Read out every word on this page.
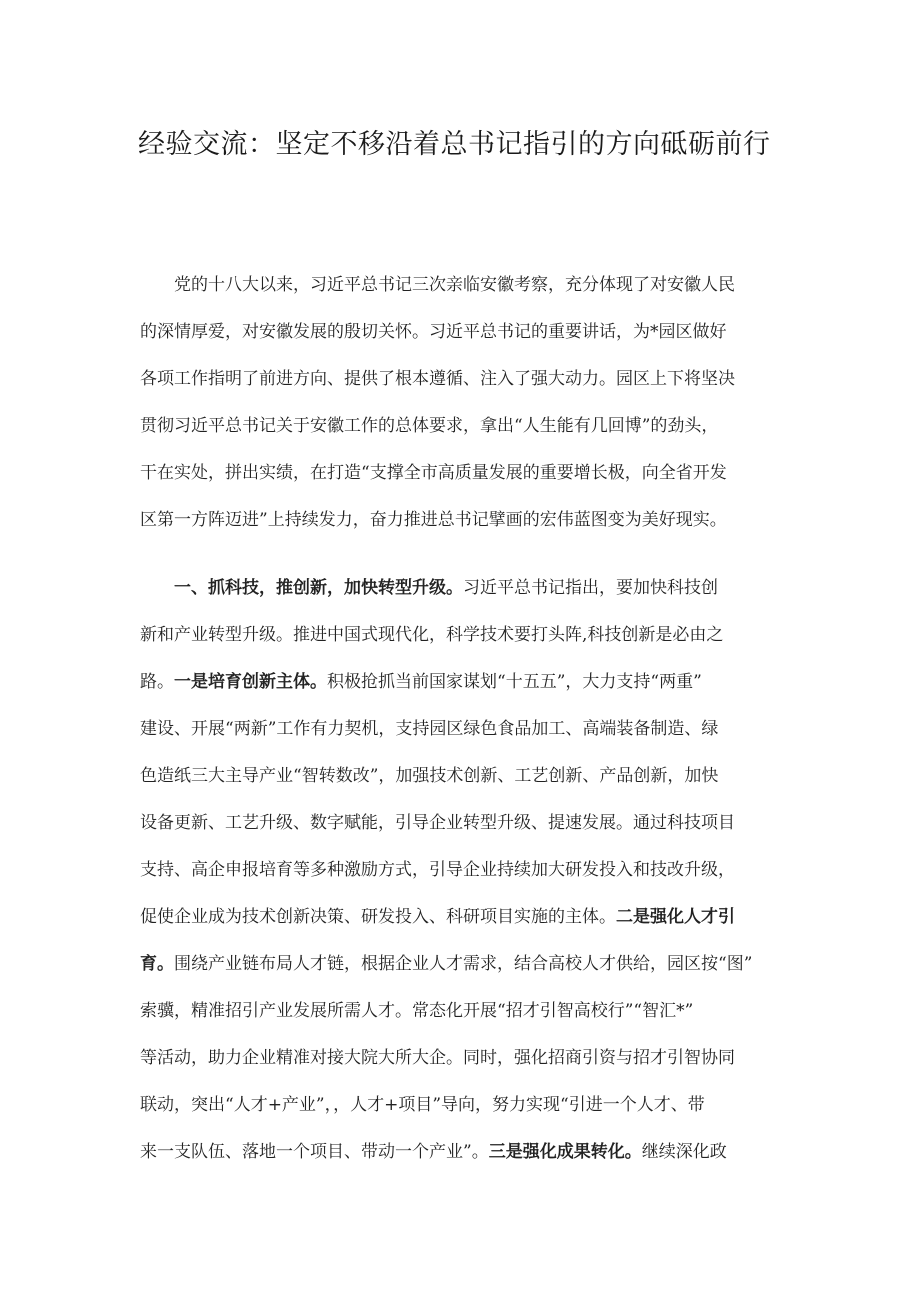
经验交流：坚定不移沿着总书记指引的方向砥砺前行
党的十八大以来，习近平总书记三次亲临安徽考察，充分体现了对安徽人民
的深情厚爱，对安徽发展的殷切关怀。习近平总书记的重要讲话，为*园区做好
各项工作指明了前进方向、提供了根本遵循、注入了强大动力。园区上下将坚决
贯彻习近平总书记关于安徽工作的总体要求，拿出“人生能有几回博”的劲头，
干在实处，拼出实绩，在打造“支撑全市高质量发展的重要增长极，向全省开发
区第一方阵迈进”上持续发力，奋力推进总书记擘画的宏伟蓝图变为美好现实。
一、抓科技，推创新，加快转型升级。习近平总书记指出，要加快科技创
新和产业转型升级。推进中国式现代化，科学技术要打头阵,科技创新是必由之
路。一是培育创新主体。积极抢抓当前国家谋划“十五五”，大力支持“两重”
建设、开展“两新”工作有力契机，支持园区绿色食品加工、高端装备制造、绿
色造纸三大主导产业“智转数改”，加强技术创新、工艺创新、产品创新，加快
设备更新、工艺升级、数字赋能，引导企业转型升级、提速发展。通过科技项目
支持、高企申报培育等多种激励方式，引导企业持续加大研发投入和技改升级，
促使企业成为技术创新决策、研发投入、科研项目实施的主体。二是强化人才引
育。围绕产业链布局人才链，根据企业人才需求，结合高校人才供给，园区按“图”
索骥，精准招引产业发展所需人才。常态化开展“招才引智高校行”“智汇*”
等活动，助力企业精准对接大院大所大企。同时，强化招商引资与招才引智协同
联动，突出“人才+产业”，，人才+项目”导向，努力实现“引进一个人才、带
来一支队伍、落地一个项目、带动一个产业”。三是强化成果转化。继续深化政
